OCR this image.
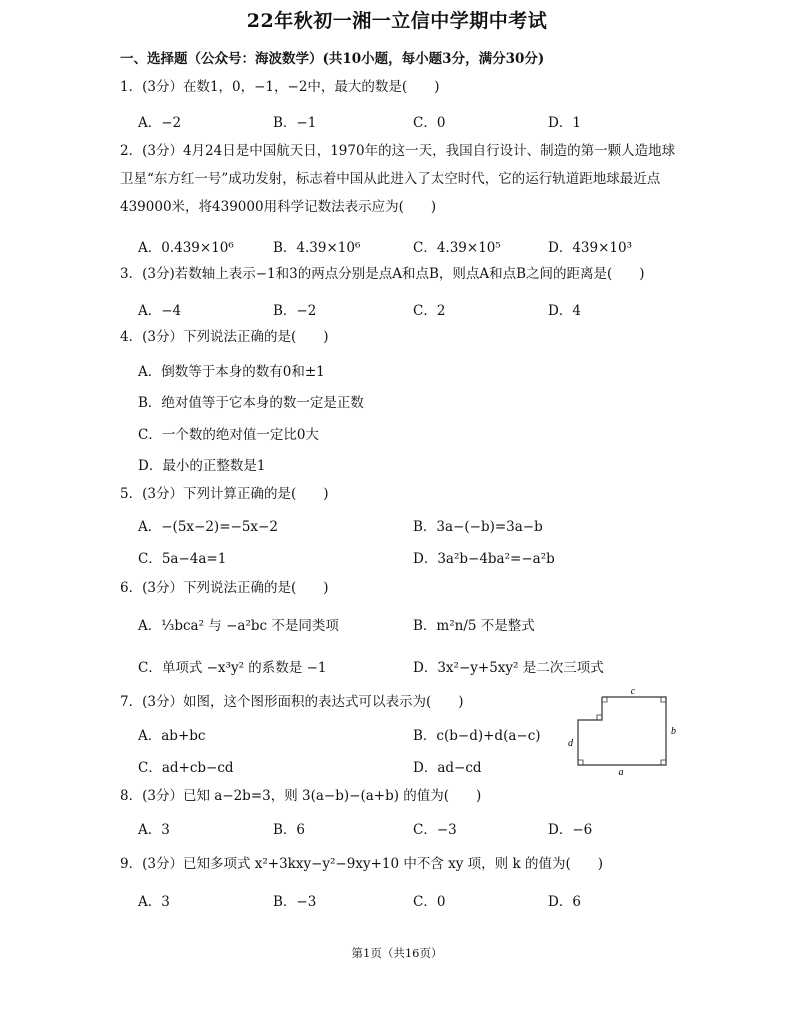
22年秋初一湘一立信中学期中考试
一、选择题（公众号：海波数学）(共10小题，每小题3分，满分30分)
1．(3分）在数1，0，−1，−2中，最大的数是(　　)
A．−2	B．−1	C．0	D．1
2．(3分）4月24日是中国航天日，1970年的这一天，我国自行设计、制造的第一颗人造地球卫星“东方红一号”成功发射，标志着中国从此进入了太空时代，它的运行轨道距地球最近点439000米，将439000用科学记数法表示应为(　　)
A．0.439×10⁶	B．4.39×10⁶	C．4.39×10⁵	D．439×10³
3．(3分)若数轴上表示−1和3的两点分别是点A和点B，则点A和点B之间的距离是(　　)
A．−4	B．−2	C．2	D．4
4．(3分）下列说法正确的是(　　)
A．倒数等于本身的数有0和±1
B．绝对值等于它本身的数一定是正数
C．一个数的绝对值一定比0大
D．最小的正整数是1
5．(3分）下列计算正确的是(　　)
A．−(5x−2)=−5x−2	B．3a−(−b)=3a−b
C．5a−4a=1	D．3a²b−4ba²=−a²b
6．(3分）下列说法正确的是(　　)
A．⅓bca² 与 −a²bc 不是同类项	B．m²n/5 不是整式
C．单项式 −x³y² 的系数是 −1	D．3x²−y+5xy² 是二次三项式
7．(3分）如图，这个图形面积的表达式可以表示为(　　)
A．ab+bc	B．c(b−d)+d(a−c)
C．ad+cb−cd	D．ad−cd
c
b
d
a
8．(3分）已知 a−2b=3，则 3(a−b)−(a+b) 的值为(　　)
A．3	B．6	C．−3	D．−6
9．(3分）已知多项式 x²+3kxy−y²−9xy+10 中不含 xy 项，则 k 的值为(　　)
A．3	B．−3	C．0	D．6
第1页（共16页）
